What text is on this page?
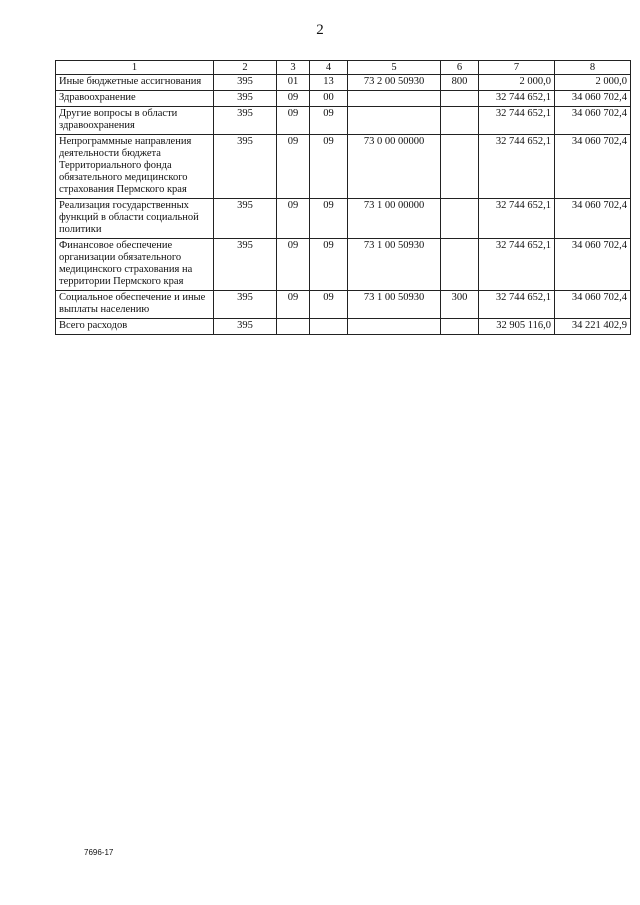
2
1	2	3	4	5	6	7	8
Иные бюджетные ассигнования	395	01	13	73 2 00 50930	800	2 000,0	2 000,0
Здравоохранение	395	09	00			32 744 652,1	34 060 702,4
Другие вопросы в области здравоохранения	395	09	09			32 744 652,1	34 060 702,4
Непрограммные направления деятельности бюджета Территориального фонда обязательного медицинского страхования Пермского края	395	09	09	73 0 00 00000		32 744 652,1	34 060 702,4
Реализация государственных функций в области социальной политики	395	09	09	73 1 00 00000		32 744 652,1	34 060 702,4
Финансовое обеспечение организации обязательного медицинского страхования на территории Пермского края	395	09	09	73 1 00 50930		32 744 652,1	34 060 702,4
Социальное обеспечение и иные выплаты населению	395	09	09	73 1 00 50930	300	32 744 652,1	34 060 702,4
Всего расходов	395					32 905 116,0	34 221 402,9
7696-17
